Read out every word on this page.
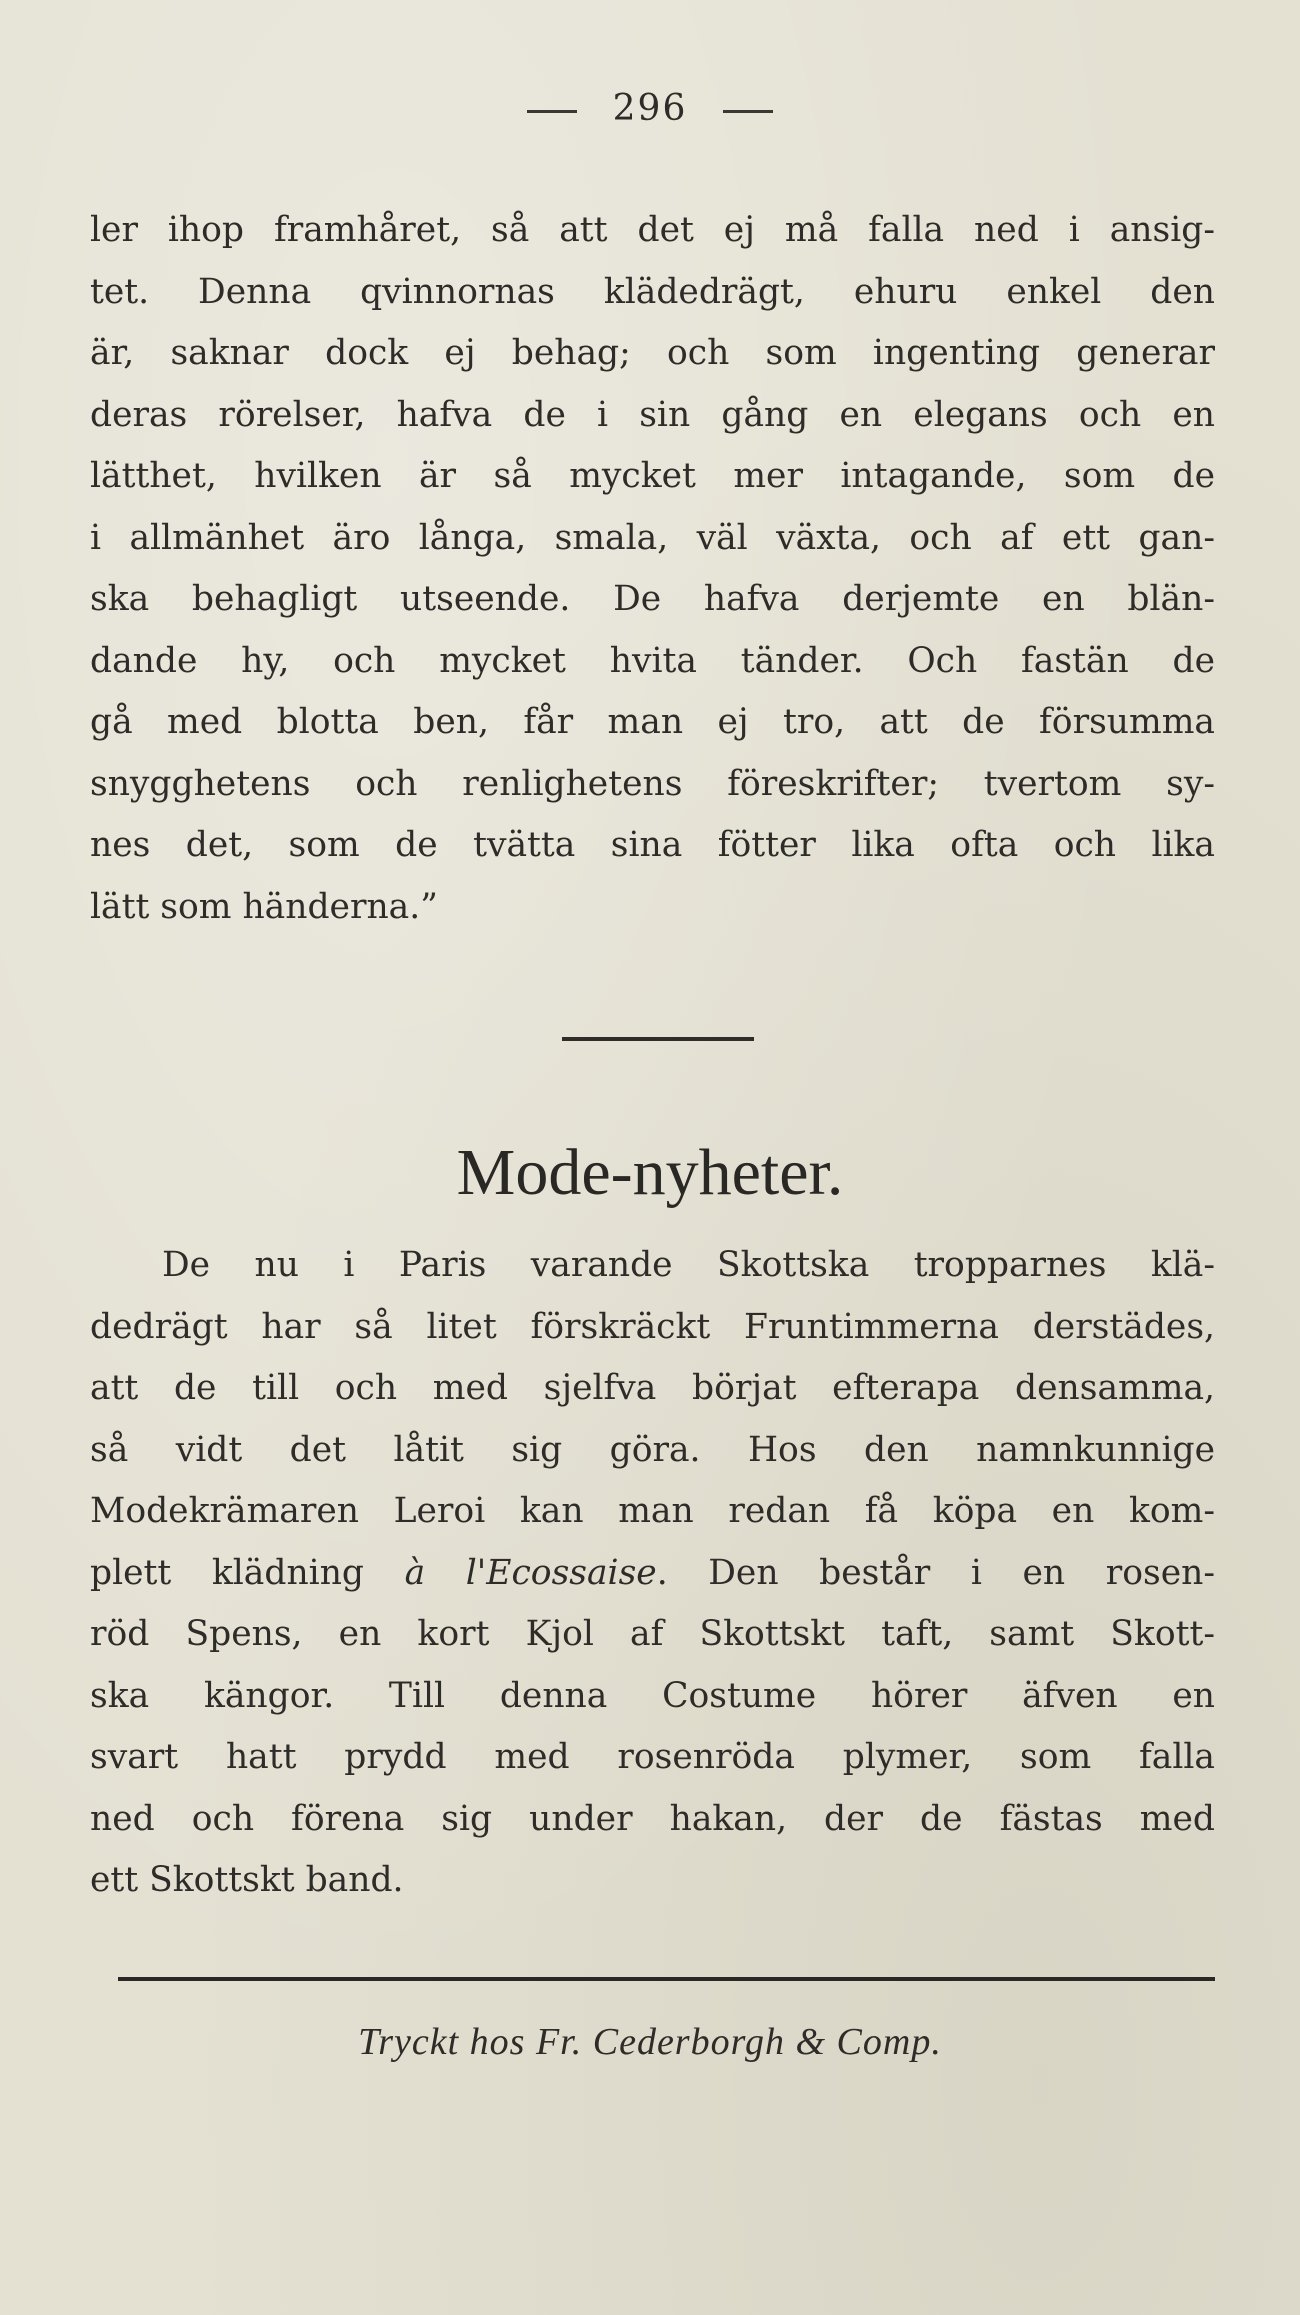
296
ler ihop framhåret, så att det ej må falla ned i ansig-
tet. Denna qvinnornas klädedrägt, ehuru enkel den
är, saknar dock ej behag; och som ingenting generar
deras rörelser, hafva de i sin gång en elegans och en
lätthet, hvilken är så mycket mer intagande, som de
i allmänhet äro långa, smala, väl växta, och af ett gan-
ska behagligt utseende. De hafva derjemte en blän-
dande hy, och mycket hvita tänder. Och fastän de
gå med blotta ben, får man ej tro, att de försumma
snygghetens och renlighetens föreskrifter; tvertom sy-
nes det, som de tvätta sina fötter lika ofta och lika
lätt som händerna.”
Mode-nyheter.
De nu i Paris varande Skottska tropparnes klä-
dedrägt har så litet förskräckt Fruntimmerna derstädes,
att de till och med sjelfva börjat efterapa densamma,
så vidt det låtit sig göra. Hos den namnkunnige
Modekrämaren Leroi kan man redan få köpa en kom-
plett klädning à l'Ecossaise. Den består i en rosen-
röd Spens, en kort Kjol af Skottskt taft, samt Skott-
ska kängor. Till denna Costume hörer äfven en
svart hatt prydd med rosenröda plymer, som falla
ned och förena sig under hakan, der de fästas med
ett Skottskt band.
Tryckt hos Fr. Cederborgh & Comp.
